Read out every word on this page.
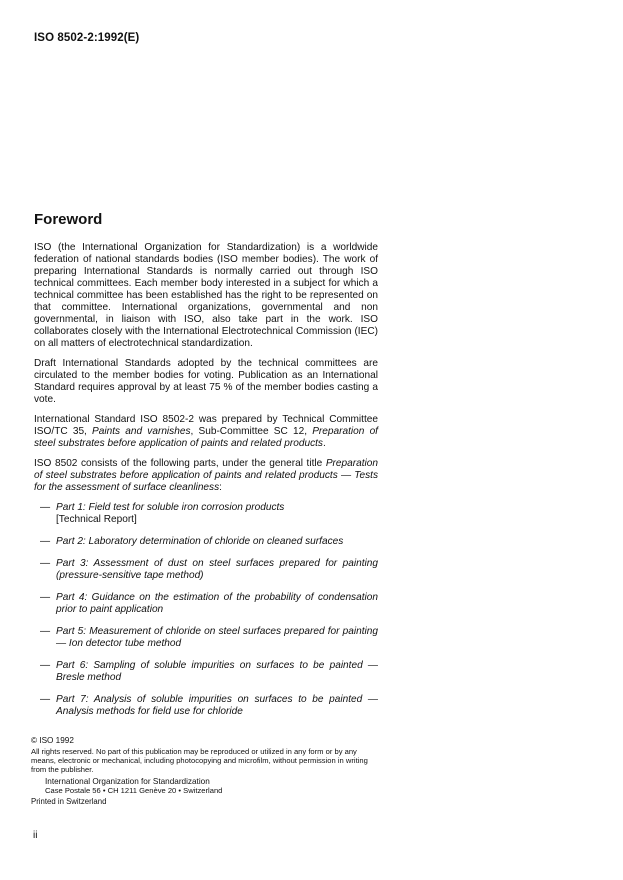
ISO 8502-2:1992(E)
Foreword

ISO (the International Organization for Standardization) is a worldwide federation of national standards bodies (ISO member bodies). The work of preparing International Standards is normally carried out through ISO technical committees. Each member body interested in a subject for which a technical committee has been established has the right to be represented on that committee. International organizations, governmental and non governmental, in liaison with ISO, also take part in the work. ISO collaborates closely with the International Electrotechnical Commission (IEC) on all matters of electrotechnical standardization.

Draft International Standards adopted by the technical committees are circulated to the member bodies for voting. Publication as an International Standard requires approval by at least 75 % of the member bodies casting a vote.

International Standard ISO 8502-2 was prepared by Technical Committee ISO/TC 35, Paints and varnishes, Sub-Committee SC 12, Preparation of steel substrates before application of paints and related products.

ISO 8502 consists of the following parts, under the general title Preparation of steel substrates before application of paints and related products — Tests for the assessment of surface cleanliness:

— Part 1: Field test for soluble iron corrosion products
[Technical Report]
— Part 2: Laboratory determination of chloride on cleaned surfaces
— Part 3: Assessment of dust on steel surfaces prepared for painting (pressure-sensitive tape method)
— Part 4: Guidance on the estimation of the probability of condensation prior to paint application
— Part 5: Measurement of chloride on steel surfaces prepared for painting — Ion detector tube method
— Part 6: Sampling of soluble impurities on surfaces to be painted — Bresle method
— Part 7: Analysis of soluble impurities on surfaces to be painted — Analysis methods for field use for chloride
© ISO 1992
All rights reserved. No part of this publication may be reproduced or utilized in any form or by any means, electronic or mechanical, including photocopying and microfilm, without permission in writing from the publisher.
International Organization for Standardization
Case Postale 56 • CH 1211 Genève 20 • Switzerland
Printed in Switzerland
ii
